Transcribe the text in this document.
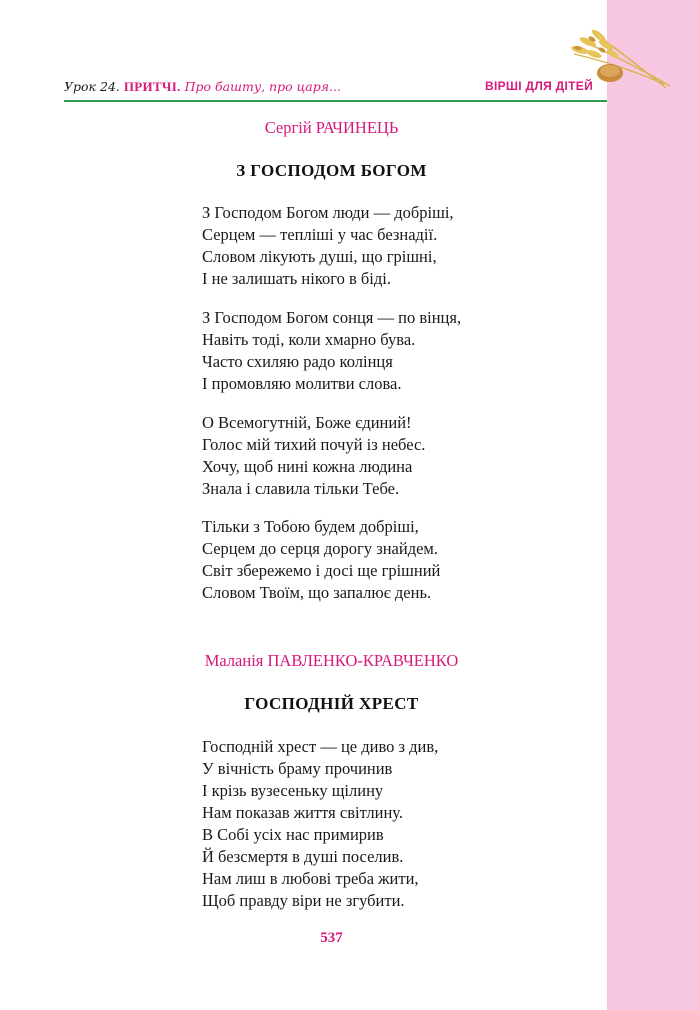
Урок 24. ПРИТЧІ. Про башту, про царя...	ВІРШІ ДЛЯ ДІТЕЙ
Сергій РАЧИНЕЦЬ
З ГОСПОДОМ БОГОМ
З Господом Богом люди — добріші,
Серцем — тепліші у час безнадії.
Словом лікують душі, що грішні,
І не залишать нікого в біді.
З Господом Богом сонця — по вінця,
Навіть тоді, коли хмарно бува.
Часто схиляю радо колінця
І промовляю молитви слова.
О Всемогутній, Боже єдиний!
Голос мій тихий почуй із небес.
Хочу, щоб нині кожна людина
Знала і славила тільки Тебе.
Тільки з Тобою будем добріші,
Серцем до серця дорогу знайдем.
Світ збережемо і досі ще грішний
Словом Твоїм, що запалює день.
Маланія ПАВЛЕНКО-КРАВЧЕНКО
ГОСПОДНІЙ ХРЕСТ
Господній хрест — це диво з див,
У вічність браму прочинив
І крізь вузесеньку щілину
Нам показав життя світлину.
В Собі усіх нас примирив
Й безсмертя в душі поселив.
Нам лиш в любові треба жити,
Щоб правду віри не згубити.
537
